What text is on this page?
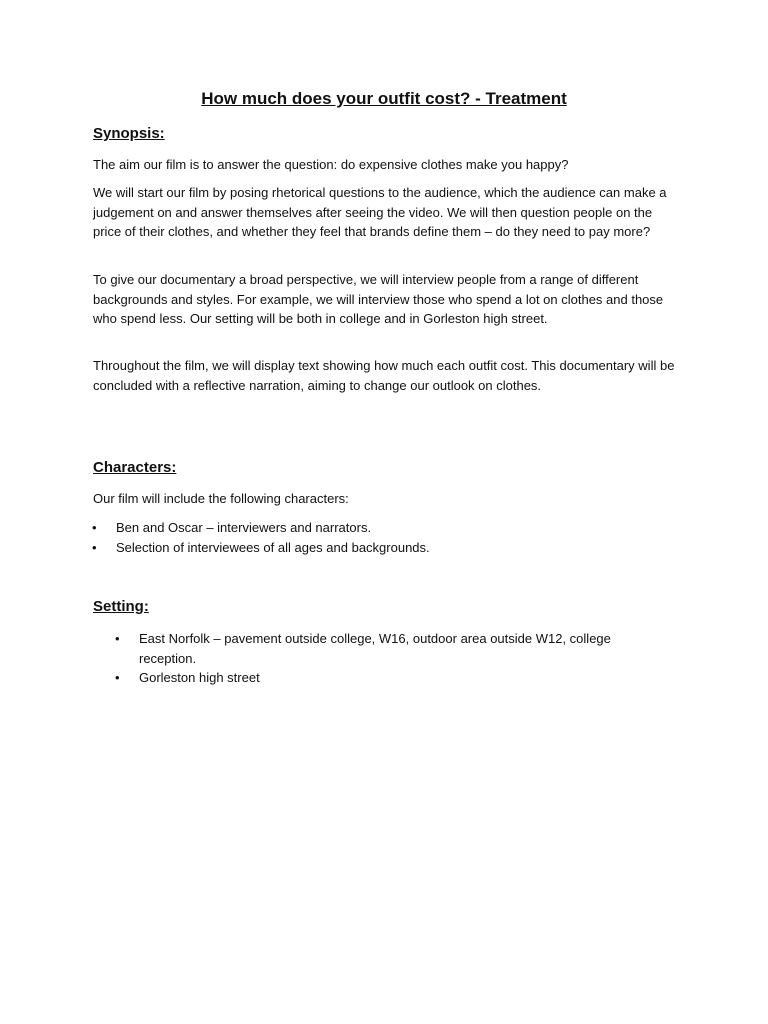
How much does your outfit cost? - Treatment
Synopsis:

The aim our film is to answer the question: do expensive clothes make you happy?

We will start our film by posing rhetorical questions to the audience, which the audience can make a judgement on and answer themselves after seeing the video. We will then question people on the price of their clothes, and whether they feel that brands define them – do they need to pay more?

To give our documentary a broad perspective, we will interview people from a range of different backgrounds and styles. For example, we will interview those who spend a lot on clothes and those who spend less. Our setting will be both in college and in Gorleston high street.

Throughout the film, we will display text showing how much each outfit cost. This documentary will be concluded with a reflective narration, aiming to change our outlook on clothes.

Characters:

Our film will include the following characters:

• Ben and Oscar – interviewers and narrators.
• Selection of interviewees of all ages and backgrounds.
Setting:
• East Norfolk – pavement outside college, W16, outdoor area outside W12, college reception.
• Gorleston high street
